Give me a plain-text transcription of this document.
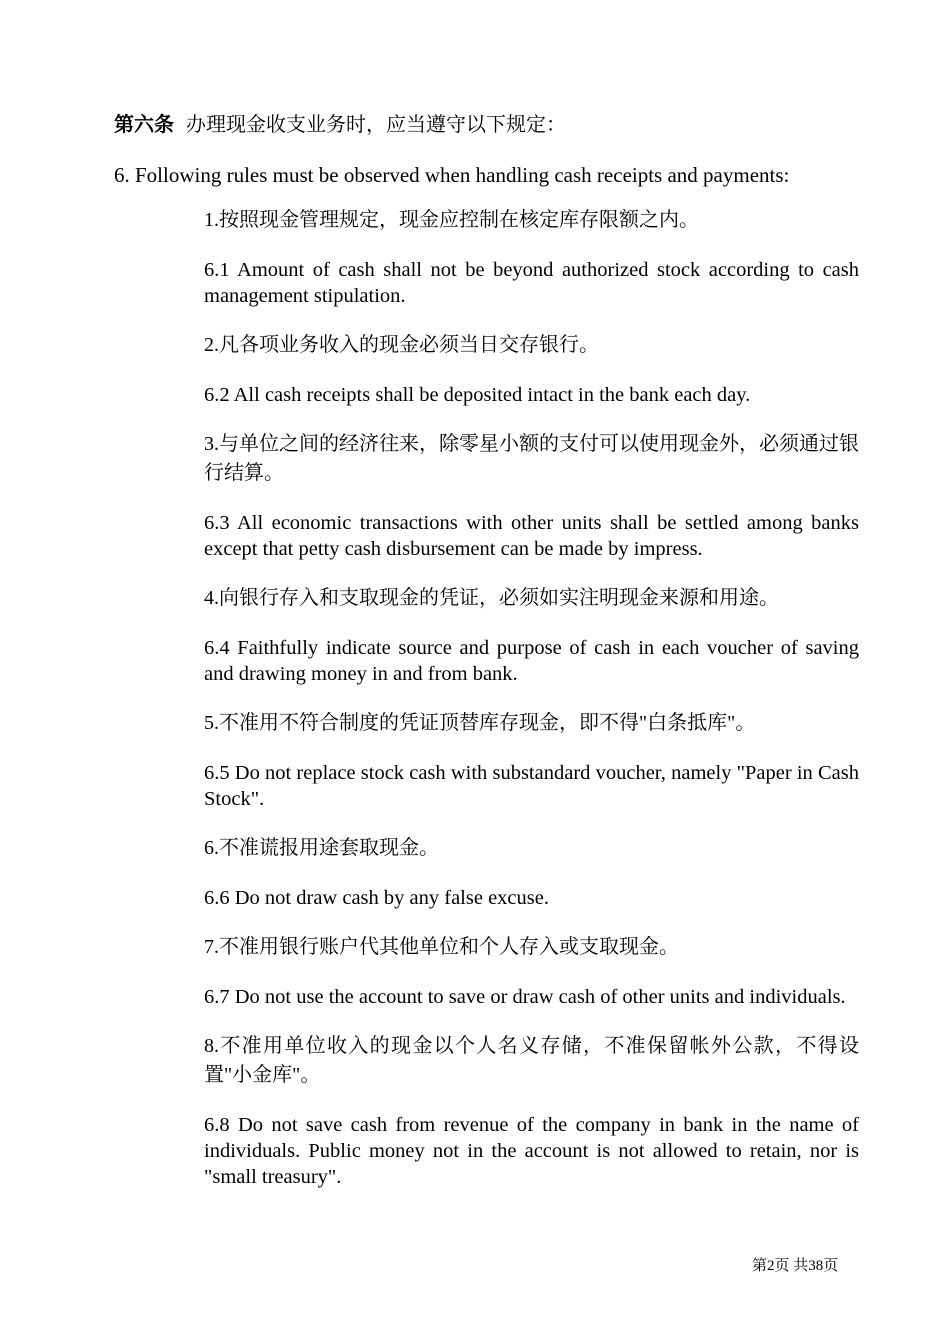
第六条 办理现金收支业务时，应当遵守以下规定：
6. Following rules must be observed when handling cash receipts and payments:

1.按照现金管理规定，现金应控制在核定库存限额之内。

6.1 Amount of cash shall not be beyond authorized stock according to cash management stipulation.

2.凡各项业务收入的现金必须当日交存银行。

6.2 All cash receipts shall be deposited intact in the bank each day.

3.与单位之间的经济往来，除零星小额的支付可以使用现金外，必须通过银行结算。

6.3 All economic transactions with other units shall be settled among banks except that petty cash disbursement can be made by impress.

4.向银行存入和支取现金的凭证，必须如实注明现金来源和用途。

6.4 Faithfully indicate source and purpose of cash in each voucher of saving and drawing money in and from bank.

5.不准用不符合制度的凭证顶替库存现金，即不得"白条抵库"。

6.5 Do not replace stock cash with substandard voucher, namely "Paper in Cash Stock".

6.不准谎报用途套取现金。

6.6 Do not draw cash by any false excuse.

7.不准用银行账户代其他单位和个人存入或支取现金。

6.7 Do not use the account to save or draw cash of other units and individuals.

8.不准用单位收入的现金以个人名义存储，不准保留帐外公款，不得设置"小金库"。

6.8 Do not save cash from revenue of the company in bank in the name of individuals. Public money not in the account is not allowed to retain, nor is "small treasury".

第2页 共38页
